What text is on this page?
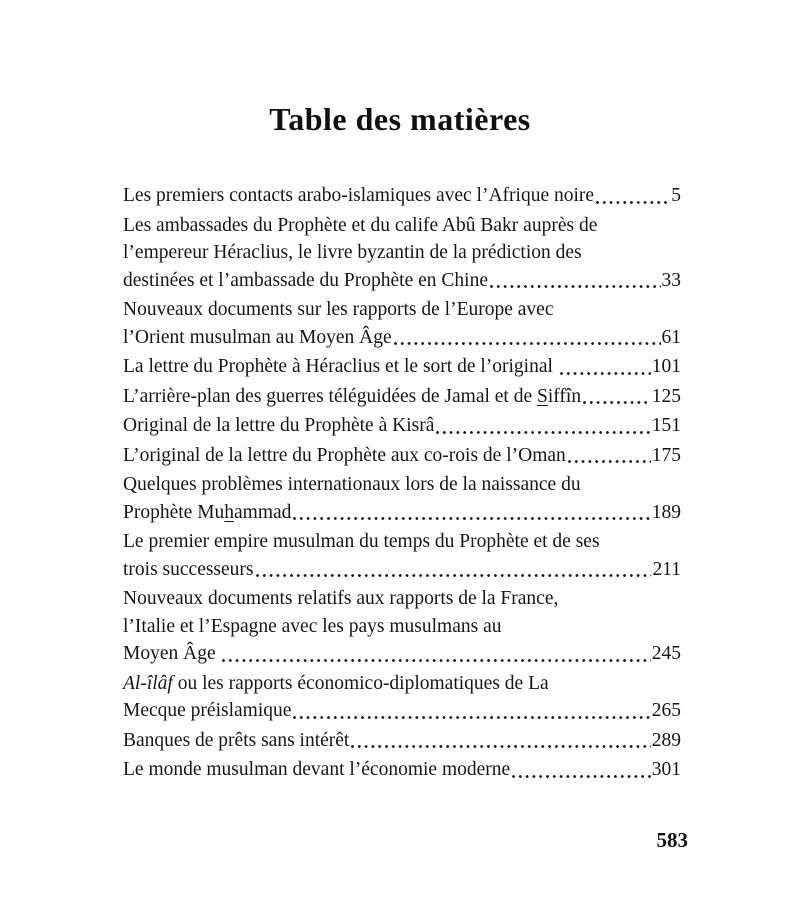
Table des matières
Les premiers contacts arabo-islamiques avec l’Afrique noire	5
Les ambassades du Prophète et du calife Abû Bakr auprès de
l’empereur Héraclius, le livre byzantin de la prédiction des
destinées et l’ambassade du Prophète en Chine	33
Nouveaux documents sur les rapports de l’Europe avec
l’Orient musulman au Moyen Âge	61
La lettre du Prophète à Héraclius et le sort de l’original	101
L’arrière-plan des guerres téléguidées de Jamal et de S iffîn	125
Original de la lettre du Prophète à Kisrâ	151
L’original de la lettre du Prophète aux co-rois de l’Oman	175
Quelques problèmes internationaux lors de la naissance du
Prophète Mu h ammad	189
Le premier empire musulman du temps du Prophète et de ses
trois successeurs	211
Nouveaux documents relatifs aux rapports de la France,
l’Italie et l’Espagne avec les pays musulmans au
Moyen Âge	245
Al-îlâf ou les rapports économico-diplomatiques de La
Mecque préislamique	265
Banques de prêts sans intérêt	289
Le monde musulman devant l’économie moderne	301
583
